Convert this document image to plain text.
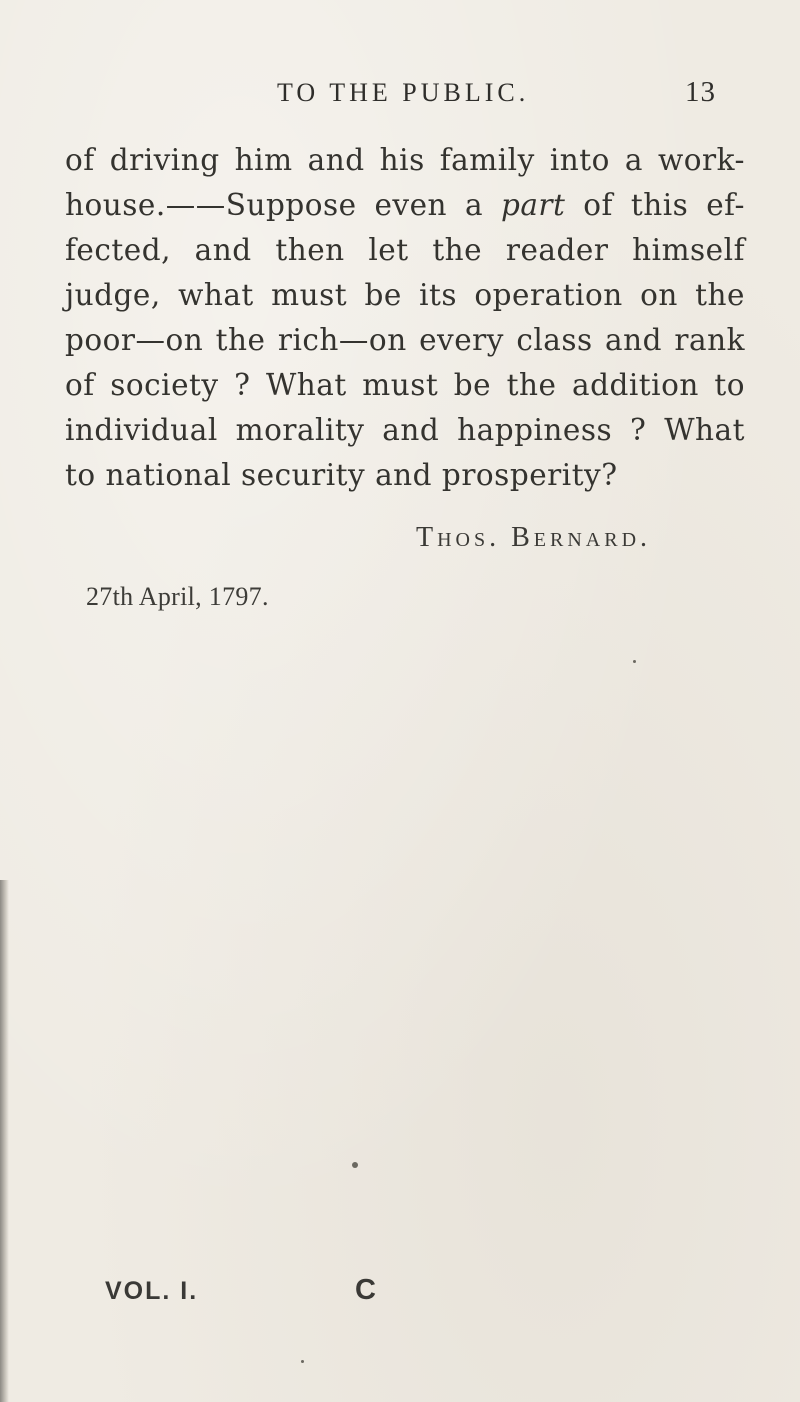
TO THE PUBLIC.	13
of driving him and his family into a work-
house.——Suppose even a part of this ef-
fected, and then let the reader himself
judge, what must be its operation on the
poor—on the rich—on every class and rank
of society ? What must be the addition to
individual morality and happiness ? What
to national security and prosperity?
Thos. Bernard.
27th April, 1797.
VOL. I.	C
